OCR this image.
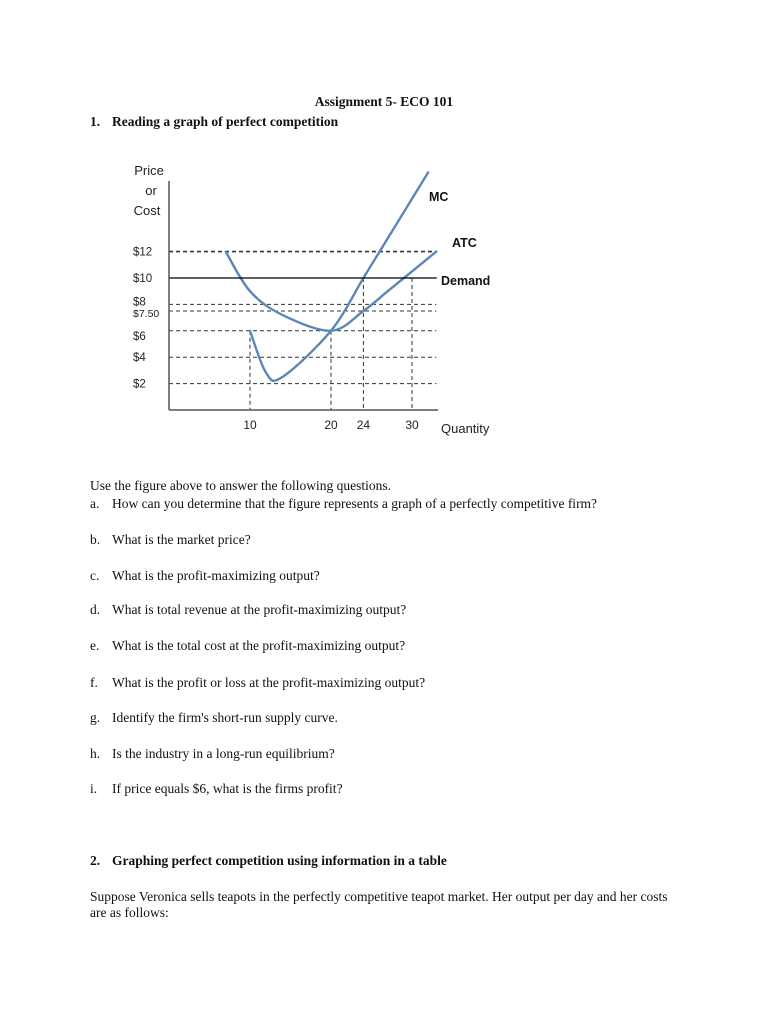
Assignment 5- ECO 101
1. Reading a graph of perfect competition
Price
or
Cost
$12
$10
$8
$7.50
$6
$4
$2
10	20 24	30
MC
ATC
Demand
Quantity
Use the figure above to answer the following questions.
a. How can you determine that the figure represents a graph of a perfectly competitive firm?
b. What is the market price?
c. What is the profit-maximizing output?
d. What is total revenue at the profit-maximizing output?
e. What is the total cost at the profit-maximizing output?
f. What is the profit or loss at the profit-maximizing output?
g. Identify the firm's short-run supply curve.
h. Is the industry in a long-run equilibrium?
i. If price equals $6, what is the firms profit?
2. Graphing perfect competition using information in a table
Suppose Veronica sells teapots in the perfectly competitive teapot market. Her output per day and her costs are as follows:
